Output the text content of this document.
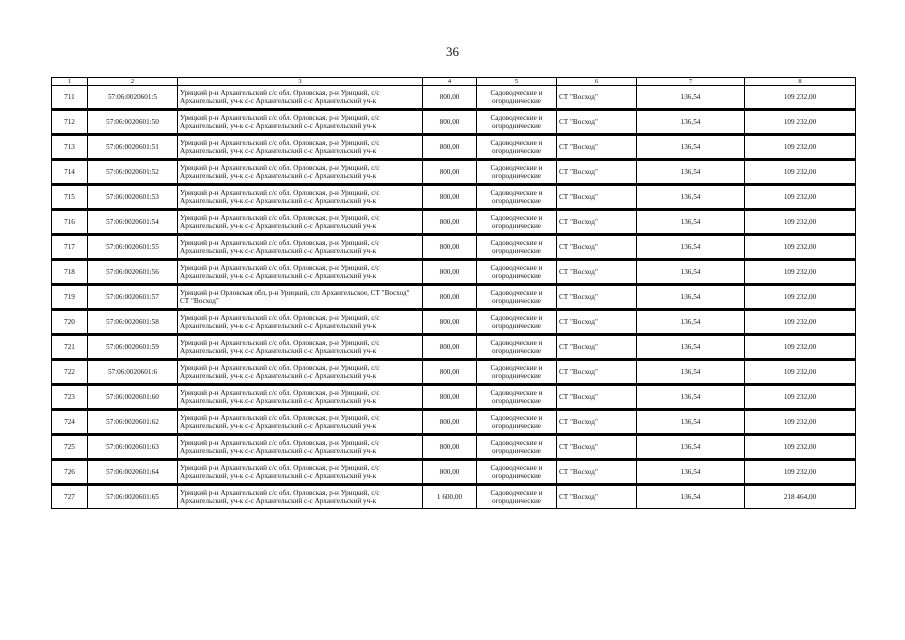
36
1	2	3	4	5	6	7	8
711	57:06:0020601:5	Урицкий р-н Архангельский с/с обл. Орловская, р-н Урицкий, с/с Архангельский, уч-к с-с Архангельский с-с Архангельский уч-к	800,00	Садоводческие и огороднические	СТ "Восход"	136,54	109 232,00
712	57:06:0020601:50	Урицкий р-н Архангельский с/с обл. Орловская, р-н Урицкий, с/с Архангельский, уч-к с-с Архангельский с-с Архангельский уч-к	800,00	Садоводческие и огороднические	СТ "Восход"	136,54	109 232,00
713	57:06:0020601:51	Урицкий р-н Архангельский с/с обл. Орловская, р-н Урицкий, с/с Архангельский, уч-к с-с Архангельский с-с Архангельский уч-к	800,00	Садоводческие и огороднические	СТ "Восход"	136,54	109 232,00
714	57:06:0020601:52	Урицкий р-н Архангельский с/с обл. Орловская, р-н Урицкий, с/с Архангельский, уч-к с-с Архангельский с-с Архангельский уч-к	800,00	Садоводческие и огороднические	СТ "Восход"	136,54	109 232,00
715	57:06:0020601:53	Урицкий р-н Архангельский с/с обл. Орловская, р-н Урицкий, с/с Архангельский, уч-к с-с Архангельский с-с Архангельский уч-к	800,00	Садоводческие и огороднические	СТ "Восход"	136,54	109 232,00
716	57:06:0020601:54	Урицкий р-н Архангельский с/с обл. Орловская, р-н Урицкий, с/с Архангельский, уч-к с-с Архангельский с-с Архангельский уч-к	800,00	Садоводческие и огороднические	СТ "Восход"	136,54	109 232,00
717	57:06:0020601:55	Урицкий р-н Архангельский с/с обл. Орловская, р-н Урицкий, с/с Архангельский, уч-к с-с Архангельский с-с Архангельский уч-к	800,00	Садоводческие и огороднические	СТ "Восход"	136,54	109 232,00
718	57:06:0020601:56	Урицкий р-н Архангельский с/с обл. Орловская, р-н Урицкий, с/с Архангельский, уч-к с-с Архангельский с-с Архангельский уч-к	800,00	Садоводческие и огороднические	СТ "Восход"	136,54	109 232,00
719	57:06:0020601:57	Урицкий р-н Орловская обл, р-н Урицкий, с/п Архангельское, СТ "Восход" СТ "Восход"	800,00	Садоводческие и огороднические	СТ "Восход"	136,54	109 232,00
720	57:06:0020601:58	Урицкий р-н Архангельский с/с обл. Орловская, р-н Урицкий, с/с Архангельский, уч-к с-с Архангельский с-с Архангельский уч-к	800,00	Садоводческие и огороднические	СТ "Восход"	136,54	109 232,00
721	57:06:0020601:59	Урицкий р-н Архангельский с/с обл. Орловская, р-н Урицкий, с/с Архангельский, уч-к с-с Архангельский с-с Архангельский уч-к	800,00	Садоводческие и огороднические	СТ "Восход"	136,54	109 232,00
722	57:06:0020601:6	Урицкий р-н Архангельский с/с обл. Орловская, р-н Урицкий, с/с Архангельский, уч-к с-с Архангельский с-с Архангельский уч-к	800,00	Садоводческие и огороднические	СТ "Восход"	136,54	109 232,00
723	57:06:0020601:60	Урицкий р-н Архангельский с/с обл. Орловская, р-н Урицкий, с/с Архангельский, уч-к с-с Архангельский с-с Архангельский уч-к	800,00	Садоводческие и огороднические	СТ "Восход"	136,54	109 232,00
724	57:06:0020601:62	Урицкий р-н Архангельский с/с обл. Орловская, р-н Урицкий, с/с Архангельский, уч-к с-с Архангельский с-с Архангельский уч-к	800,00	Садоводческие и огороднические	СТ "Восход"	136,54	109 232,00
725	57:06:0020601:63	Урицкий р-н Архангельский с/с обл. Орловская, р-н Урицкий, с/с Архангельский, уч-к с-с Архангельский с-с Архангельский уч-к	800,00	Садоводческие и огороднические	СТ "Восход"	136,54	109 232,00
726	57:06:0020601:64	Урицкий р-н Архангельский с/с обл. Орловская, р-н Урицкий, с/с Архангельский, уч-к с-с Архангельский с-с Архангельский уч-к	800,00	Садоводческие и огороднические	СТ "Восход"	136,54	109 232,00
727	57:06:0020601:65	Урицкий р-н Архангельский с/с обл. Орловская, р-н Урицкий, с/с Архангельский, уч-к с-с Архангельский с-с Архангельский уч-к	1 600,00	Садоводческие и огороднические	СТ "Восход"	136,54	218 464,00
